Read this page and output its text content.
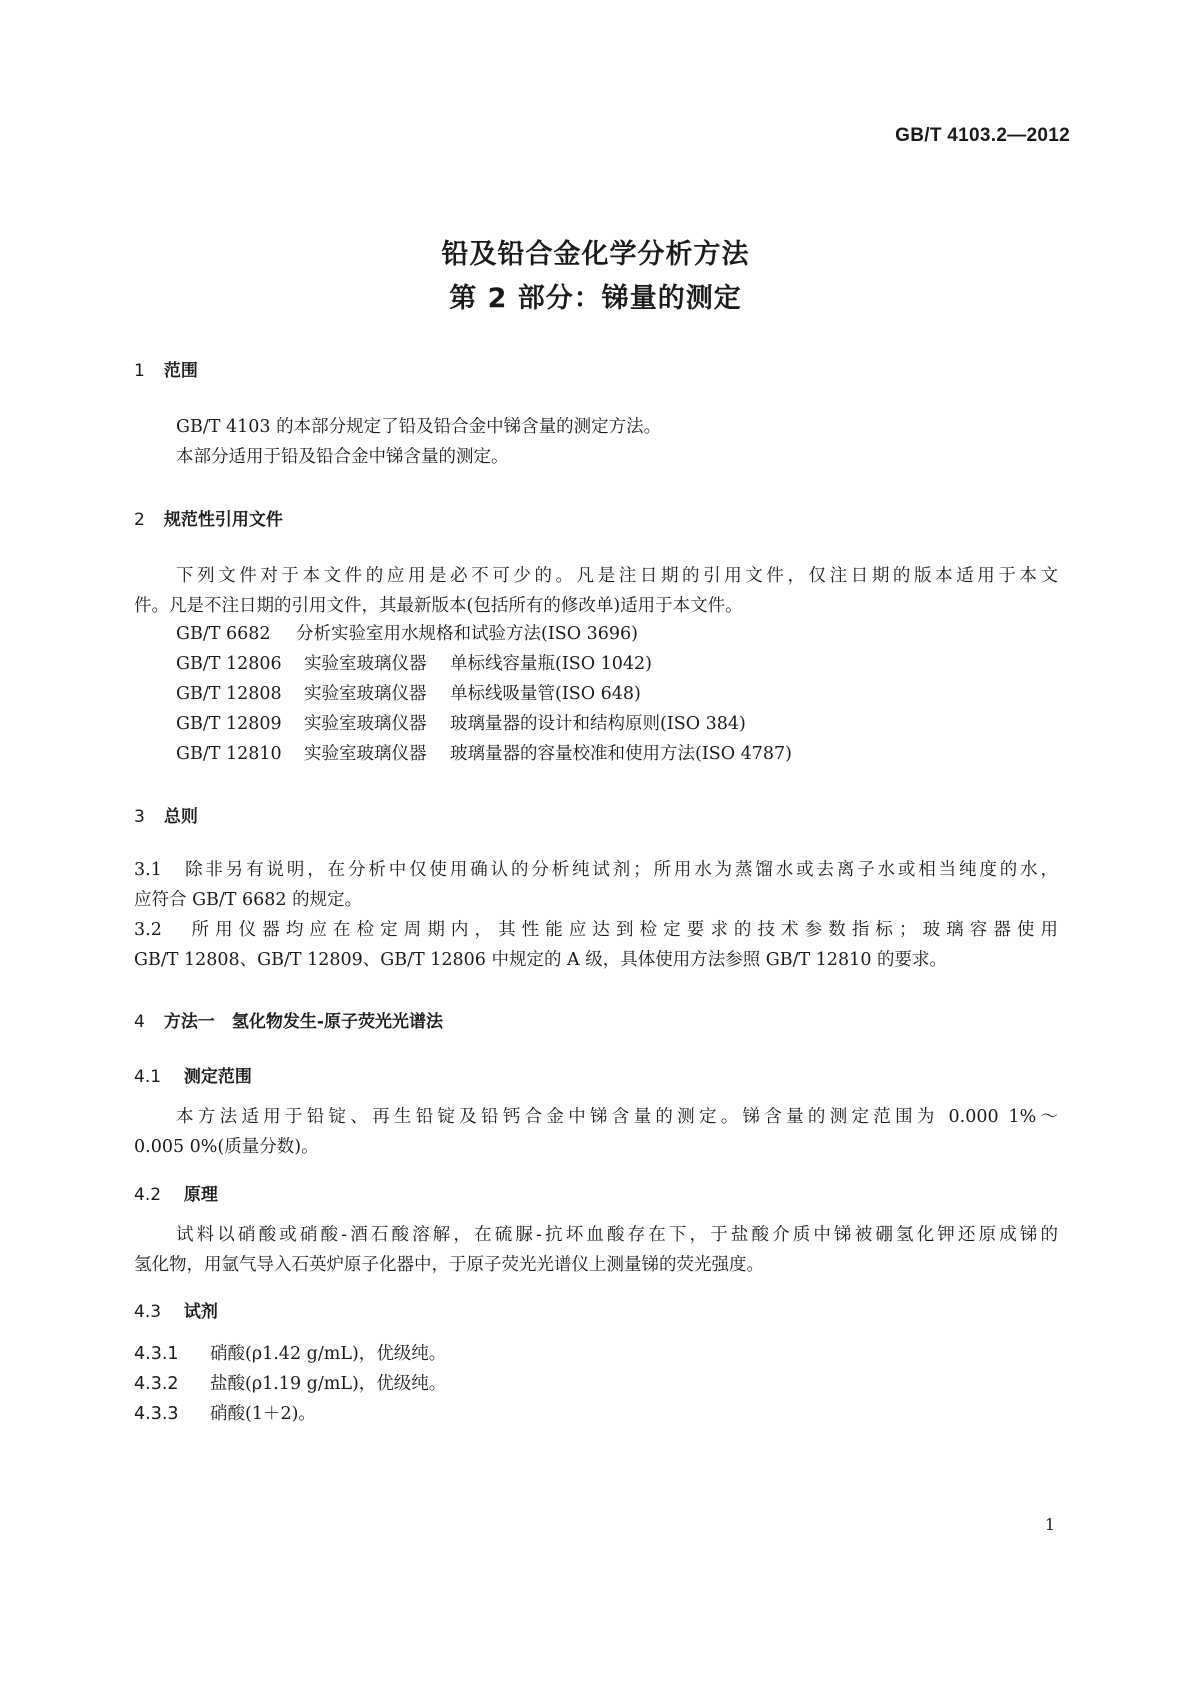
GB/T 4103.2—2012
铅及铅合金化学分析方法
第 2 部分：锑量的测定
1 范围
GB/T 4103 的本部分规定了铅及铅合金中锑含量的测定方法。
本部分适用于铅及铅合金中锑含量的测定。
2 规范性引用文件
下列文件对于本文件的应用是必不可少的。凡是注日期的引用文件，仅注日期的版本适用于本文
件。凡是不注日期的引用文件，其最新版本(包括所有的修改单)适用于本文件。
GB/T 6682 分析实验室用水规格和试验方法(ISO 3696)
GB/T 12806 实验室玻璃仪器 单标线容量瓶(ISO 1042)
GB/T 12808 实验室玻璃仪器 单标线吸量管(ISO 648)
GB/T 12809 实验室玻璃仪器 玻璃量器的设计和结构原则(ISO 384)
GB/T 12810 实验室玻璃仪器 玻璃量器的容量校准和使用方法(ISO 4787)
3 总则
3.1　除非另有说明，在分析中仅使用确认的分析纯试剂；所用水为蒸馏水或去离子水或相当纯度的水，
应符合 GB/T 6682 的规定。
3.2　所用仪器均应在检定周期内，其性能应达到检定要求的技术参数指标；玻璃容器使用
GB/T 12808、GB/T 12809、GB/T 12806 中规定的 A 级，具体使用方法参照 GB/T 12810 的要求。
4 方法一　氢化物发生-原子荧光光谱法
4.1 测定范围
本方法适用于铅锭、再生铅锭及铅钙合金中锑含量的测定。锑含量的测定范围为 0.000 1%～
0.005 0%(质量分数)。
4.2 原理
试料以硝酸或硝酸-酒石酸溶解，在硫脲-抗坏血酸存在下，于盐酸介质中锑被硼氢化钾还原成锑的
氢化物，用氩气导入石英炉原子化器中，于原子荧光光谱仪上测量锑的荧光强度。
4.3 试剂
4.3.1 硝酸(ρ1.42 g/mL)，优级纯。
4.3.2 盐酸(ρ1.19 g/mL)，优级纯。
4.3.3 硝酸(1＋2)。
1
